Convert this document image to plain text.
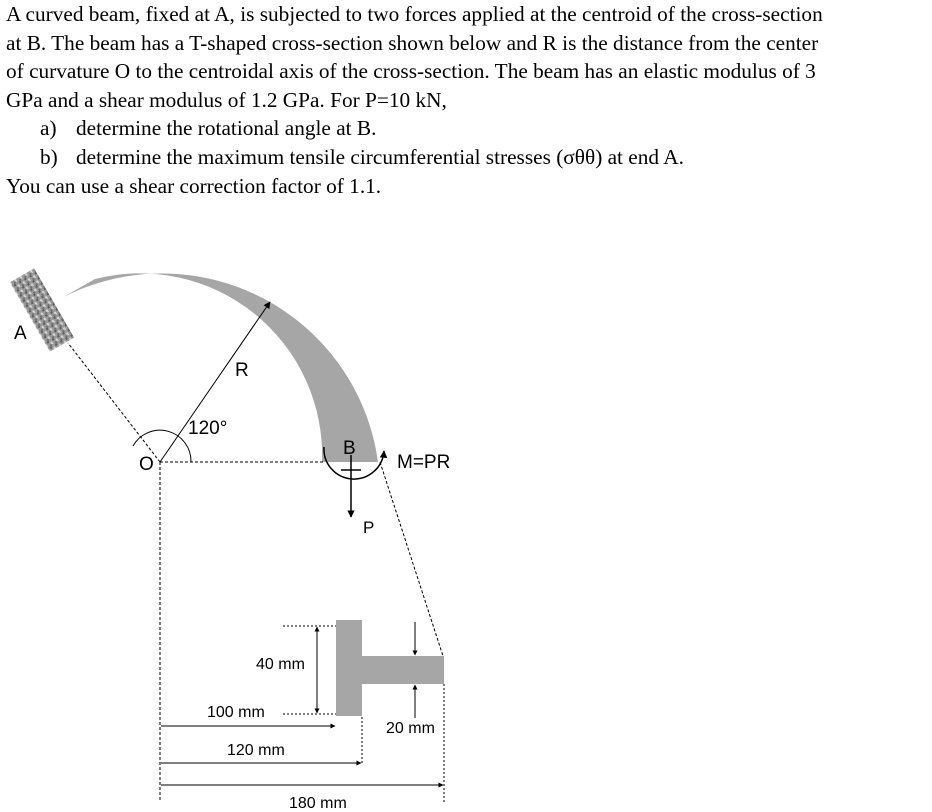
A curved beam, fixed at A, is subjected to two forces applied at the centroid of the cross-section

at B. The beam has a T-shaped cross-section shown below and R is the distance from the center

of curvature O to the centroidal axis of the cross-section. The beam has an elastic modulus of 3

GPa and a shear modulus of 1.2 GPa. For P=10 kN,

a) determine the rotational angle at B.

b) determine the maximum tensile circumferential stresses (σθθ) at end A.

You can use a shear correction factor of 1.1.

A
R
120°
O
B
M=PR
P
40 mm
100 mm
120 mm
20 mm
180 mm
